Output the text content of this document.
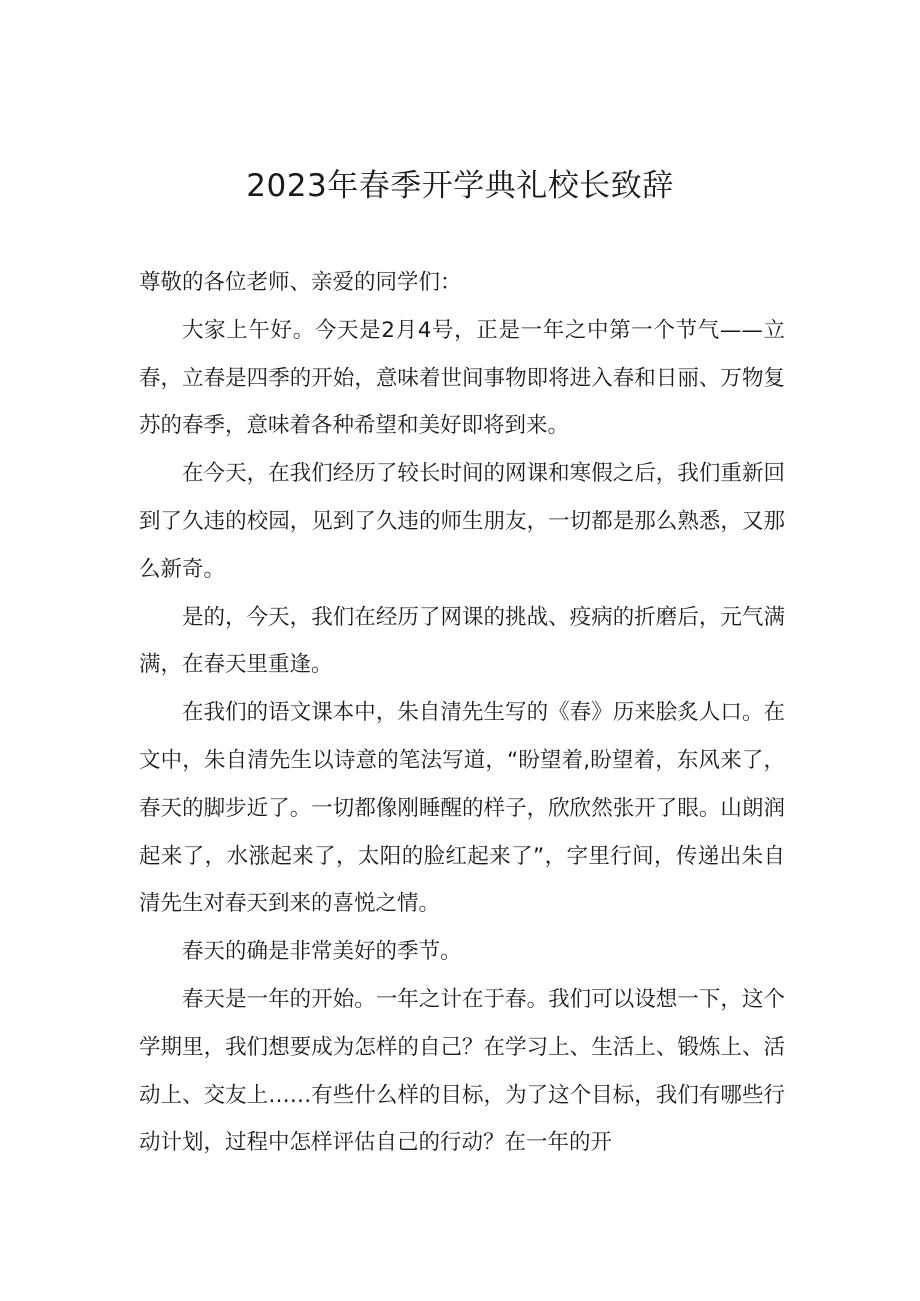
2023年春季开学典礼校长致辞

尊敬的各位老师、亲爱的同学们：

大家上午好。今天是2月4号，正是一年之中第一个节气——立春，立春是四季的开始，意味着世间事物即将进入春和日丽、万物复苏的春季，意味着各种希望和美好即将到来。

在今天，在我们经历了较长时间的网课和寒假之后，我们重新回到了久违的校园，见到了久违的师生朋友，一切都是那么熟悉，又那么新奇。

是的，今天，我们在经历了网课的挑战、疫病的折磨后，元气满满，在春天里重逢。

在我们的语文课本中，朱自清先生写的《春》历来脍炙人口。在文中，朱自清先生以诗意的笔法写道，“盼望着,盼望着，东风来了，春天的脚步近了。一切都像刚睡醒的样子，欣欣然张开了眼。山朗润起来了，水涨起来了，太阳的脸红起来了”，字里行间，传递出朱自清先生对春天到来的喜悦之情。

春天的确是非常美好的季节。

春天是一年的开始。一年之计在于春。我们可以设想一下，这个学期里，我们想要成为怎样的自己？在学习上、生活上、锻炼上、活动上、交友上……有些什么样的目标，为了这个目标，我们有哪些行动计划，过程中怎样评估自己的行动？在一年的开
